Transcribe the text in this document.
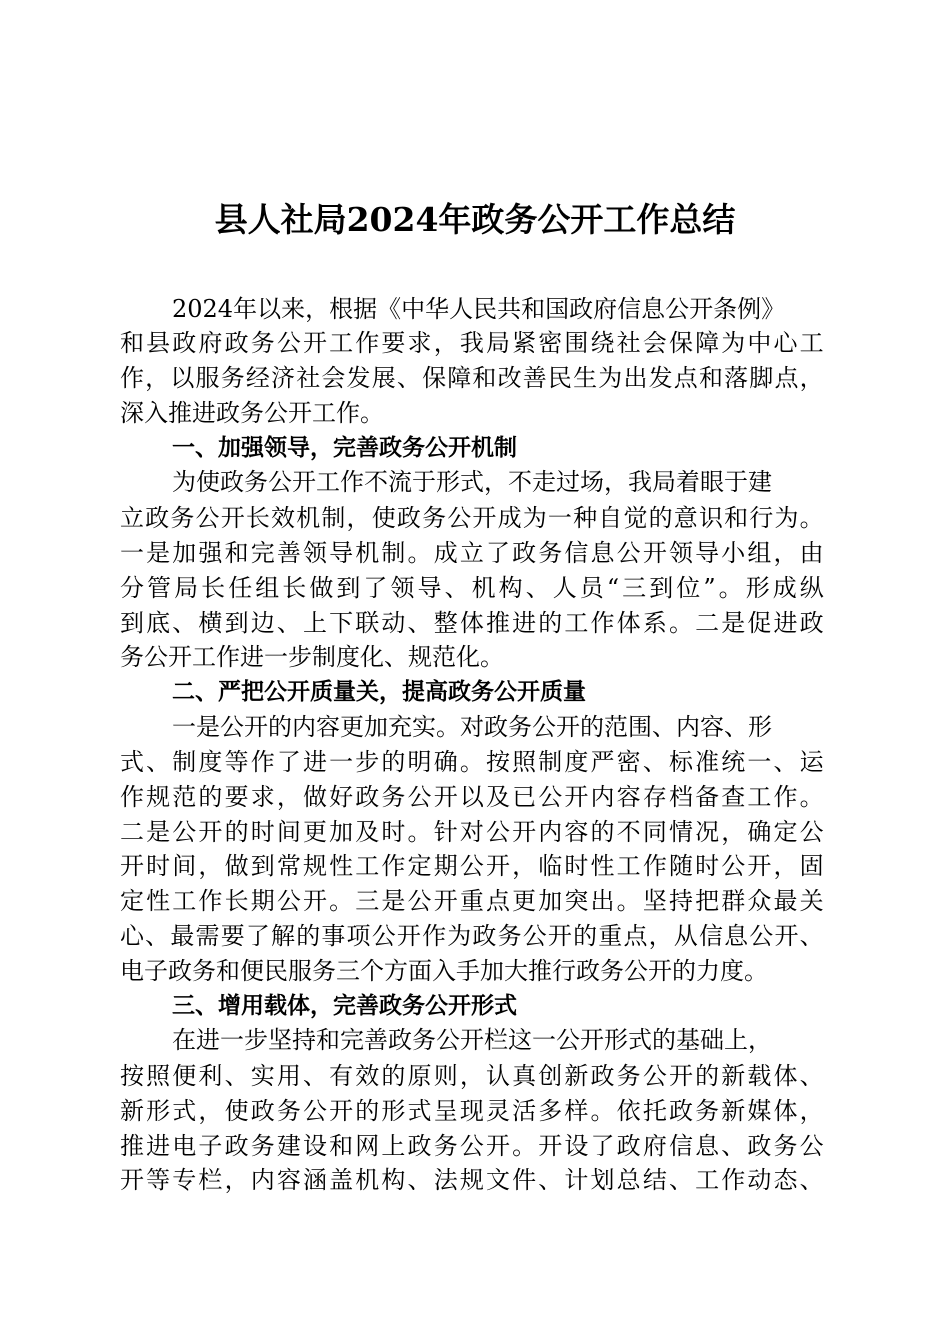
县人社局2024年政务公开工作总结

2024年以来，根据《中华人民共和国政府信息公开条例》

和 县 政 府 政 务 公 开 工 作 要 求 ， 我 局 紧 密 围 绕 社 会 保 障 为 中 心 工

作 ， 以 服 务 经 济 社 会 发 展 、 保 障 和 改 善 民 生 为 出 发 点 和 落 脚 点 ，

深入推进政务公开工作。

一、加强领导，完善政务公开机制

为使政务公开工作不流于形式，不走过场，我局着眼于建

立 政 务 公 开 长 效 机 制 ， 使 政 务 公 开 成 为 一 种 自 觉 的 意 识 和 行 为 。

一 是 加 强 和 完 善 领 导 机 制 。 成 立 了 政 务 信 息 公 开 领 导 小 组 ， 由

分 管 局 长 任 组 长 做 到 了 领 导 、 机 构 、 人 员 “ 三 到 位 ” 。 形 成 纵

到 底 、 横 到 边 、 上 下 联 动 、 整 体 推 进 的 工 作 体 系 。 二 是 促 进 政

务公开工作进一步制度化、规范化。

二、严把公开质量关，提高政务公开质量

一是公开的内容更加充实。对政务公开的范围、内容、形

式 、 制 度 等 作 了 进 一 步 的 明 确 。 按 照 制 度 严 密 、 标 准 统 一 、 运

作 规 范 的 要 求 ， 做 好 政 务 公 开 以 及 已 公 开 内 容 存 档 备 查 工 作 。

二 是 公 开 的 时 间 更 加 及 时 。 针 对 公 开 内 容 的 不 同 情 况 ， 确 定 公

开 时 间 ， 做 到 常 规 性 工 作 定 期 公 开 ， 临 时 性 工 作 随 时 公 开 ， 固

定 性 工 作 长 期 公 开 。 三 是 公 开 重 点 更 加 突 出 。 坚 持 把 群 众 最 关

心 、 最 需 要 了 解 的 事 项 公 开 作 为 政 务 公 开 的 重 点 ， 从 信 息 公 开 、

电子政务和便民服务三个方面入手加大推行政务公开的力度。

三、增用载体，完善政务公开形式

在进一步坚持和完善政务公开栏这一公开形式的基础上，

按 照 便 利 、 实 用 、 有 效 的 原 则 ， 认 真 创 新 政 务 公 开 的 新 载 体 、

新 形 式 ， 使 政 务 公 开 的 形 式 呈 现 灵 活 多 样 。 依 托 政 务 新 媒 体 ，

推 进 电 子 政 务 建 设 和 网 上 政 务 公 开 。 开 设 了 政 府 信 息 、 政 务 公

开 等 专 栏 ， 内 容 涵 盖 机 构 、 法 规 文 件 、 计 划 总 结 、 工 作 动 态 、
